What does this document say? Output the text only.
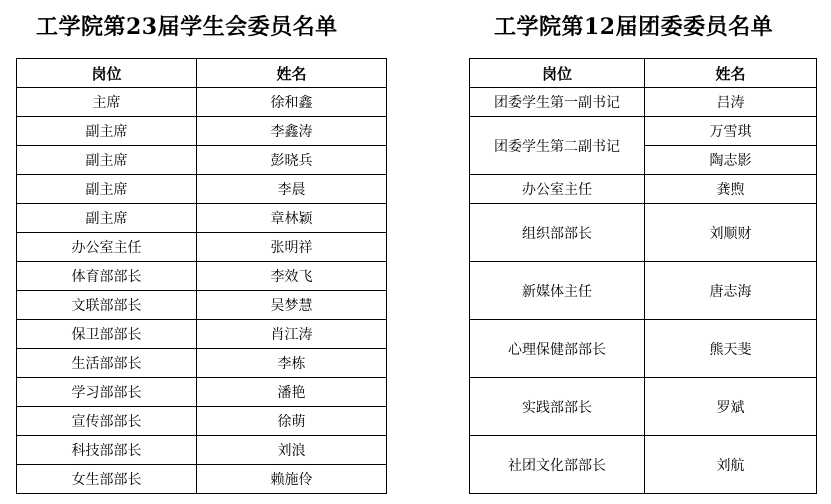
工学院第23届学生会委员名单	工学院第12届团委委员名单
岗位	姓名
主席	徐和鑫
副主席	李鑫涛
副主席	彭晓兵
副主席	李晨
副主席	章林颖
办公室主任	张明祥
体育部部长	李效飞
文联部部长	吴梦慧
保卫部部长	肖江涛
生活部部长	李栋
学习部部长	潘艳
宣传部部长	徐萌
科技部部长	刘浪
女生部部长	赖施伶
岗位	姓名
团委学生第一副书记	吕涛
团委学生第二副书记	万雪琪
	陶志影
办公室主任	龚煦
组织部部长	刘顺财
新媒体主任	唐志海
心理保健部部长	熊天斐
实践部部长	罗斌
社团文化部部长	刘航
